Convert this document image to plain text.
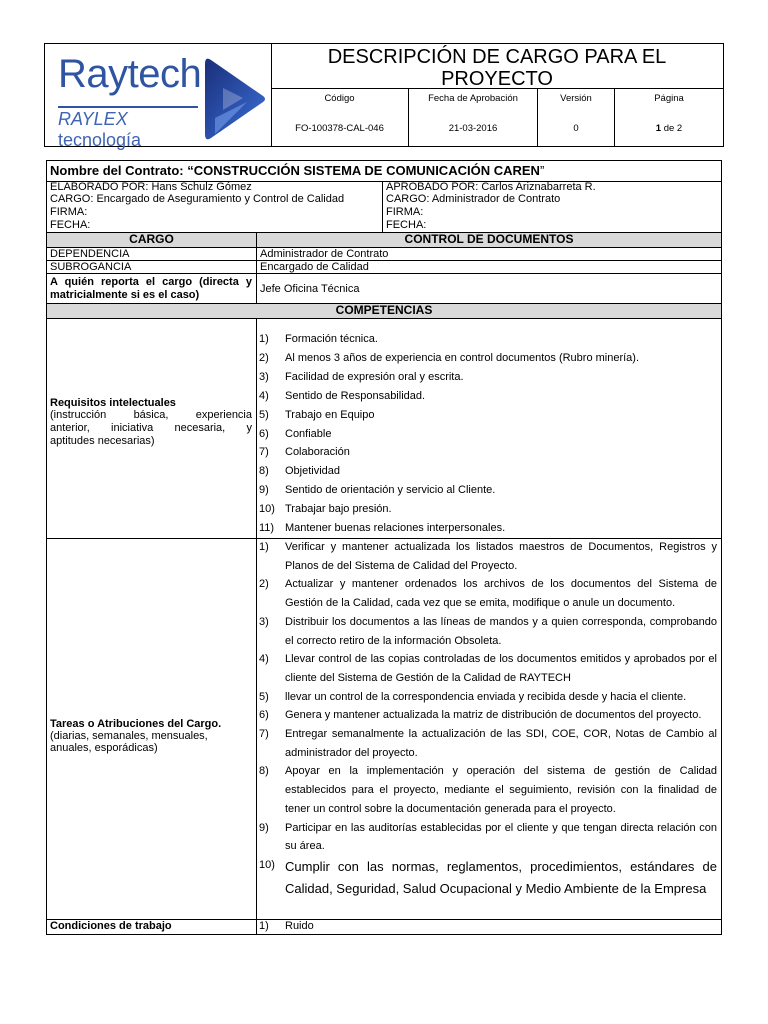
Raytech
RAYLEX tecnología
DESCRIPCIÓN DE CARGO PARA EL
PROYECTO
Código
FO-100378-CAL-046
Fecha de Aprobación
21-03-2016
Versión
0
Página
1 de 2
Nombre del Contrato: “CONSTRUCCIÓN SISTEMA DE COMUNICACIÓN CAREN”
ELABORADO POR: Hans Schulz Gómez
CARGO: Encargado de Aseguramiento y Control de Calidad
FIRMA:
FECHA:
APROBADO POR: Carlos Ariznabarreta R.
CARGO: Administrador de Contrato
FIRMA:
FECHA:
CARGO	CONTROL DE DOCUMENTOS
DEPENDENCIA	Administrador de Contrato
SUBROGANCIA	Encargado de Calidad
A quién reporta el cargo (directa y
matricialmente si es el caso)	Jefe Oficina Técnica
COMPETENCIAS
Requisitos intelectuales
(instrucción básica, experiencia
anterior, iniciativa necesaria, y
aptitudes necesarias)
1) Formación técnica.
2) Al menos 3 años de experiencia en control documentos (Rubro minería).
3) Facilidad de expresión oral y escrita.
4) Sentido de Responsabilidad.
5) Trabajo en Equipo
6) Confiable
7) Colaboración
8) Objetividad
9) Sentido de orientación y servicio al Cliente.
10) Trabajar bajo presión.
11) Mantener buenas relaciones interpersonales.
Tareas o Atribuciones del Cargo.
(diarias, semanales, mensuales,
anuales, esporádicas)
1) Verificar y mantener actualizada los listados maestros de Documentos, Registros y Planos de del Sistema de Calidad del Proyecto.
2) Actualizar y mantener ordenados los archivos de los documentos del Sistema de Gestión de la Calidad, cada vez que se emita, modifique o anule un documento.
3) Distribuir los documentos a las líneas de mandos y a quien corresponda, comprobando el correcto retiro de la información Obsoleta.
4) Llevar control de las copias controladas de los documentos emitidos y aprobados por el cliente del Sistema de Gestión de la Calidad de RAYTECH
5) llevar un control de la correspondencia enviada y recibida desde y hacia el cliente.
6) Genera y mantener actualizada la matriz de distribución de documentos del proyecto.
7) Entregar semanalmente la actualización de las SDI, COE, COR, Notas de Cambio al administrador del proyecto.
8) Apoyar en la implementación y operación del sistema de gestión de Calidad establecidos para el proyecto, mediante el seguimiento, revisión con la finalidad de tener un control sobre la documentación generada para el proyecto.
9) Participar en las auditorías establecidas por el cliente y que tengan directa relación con su área.
10) Cumplir con las normas, reglamentos, procedimientos, estándares de Calidad, Seguridad, Salud Ocupacional y Medio Ambiente de la Empresa
Condiciones de trabajo	1) Ruido
